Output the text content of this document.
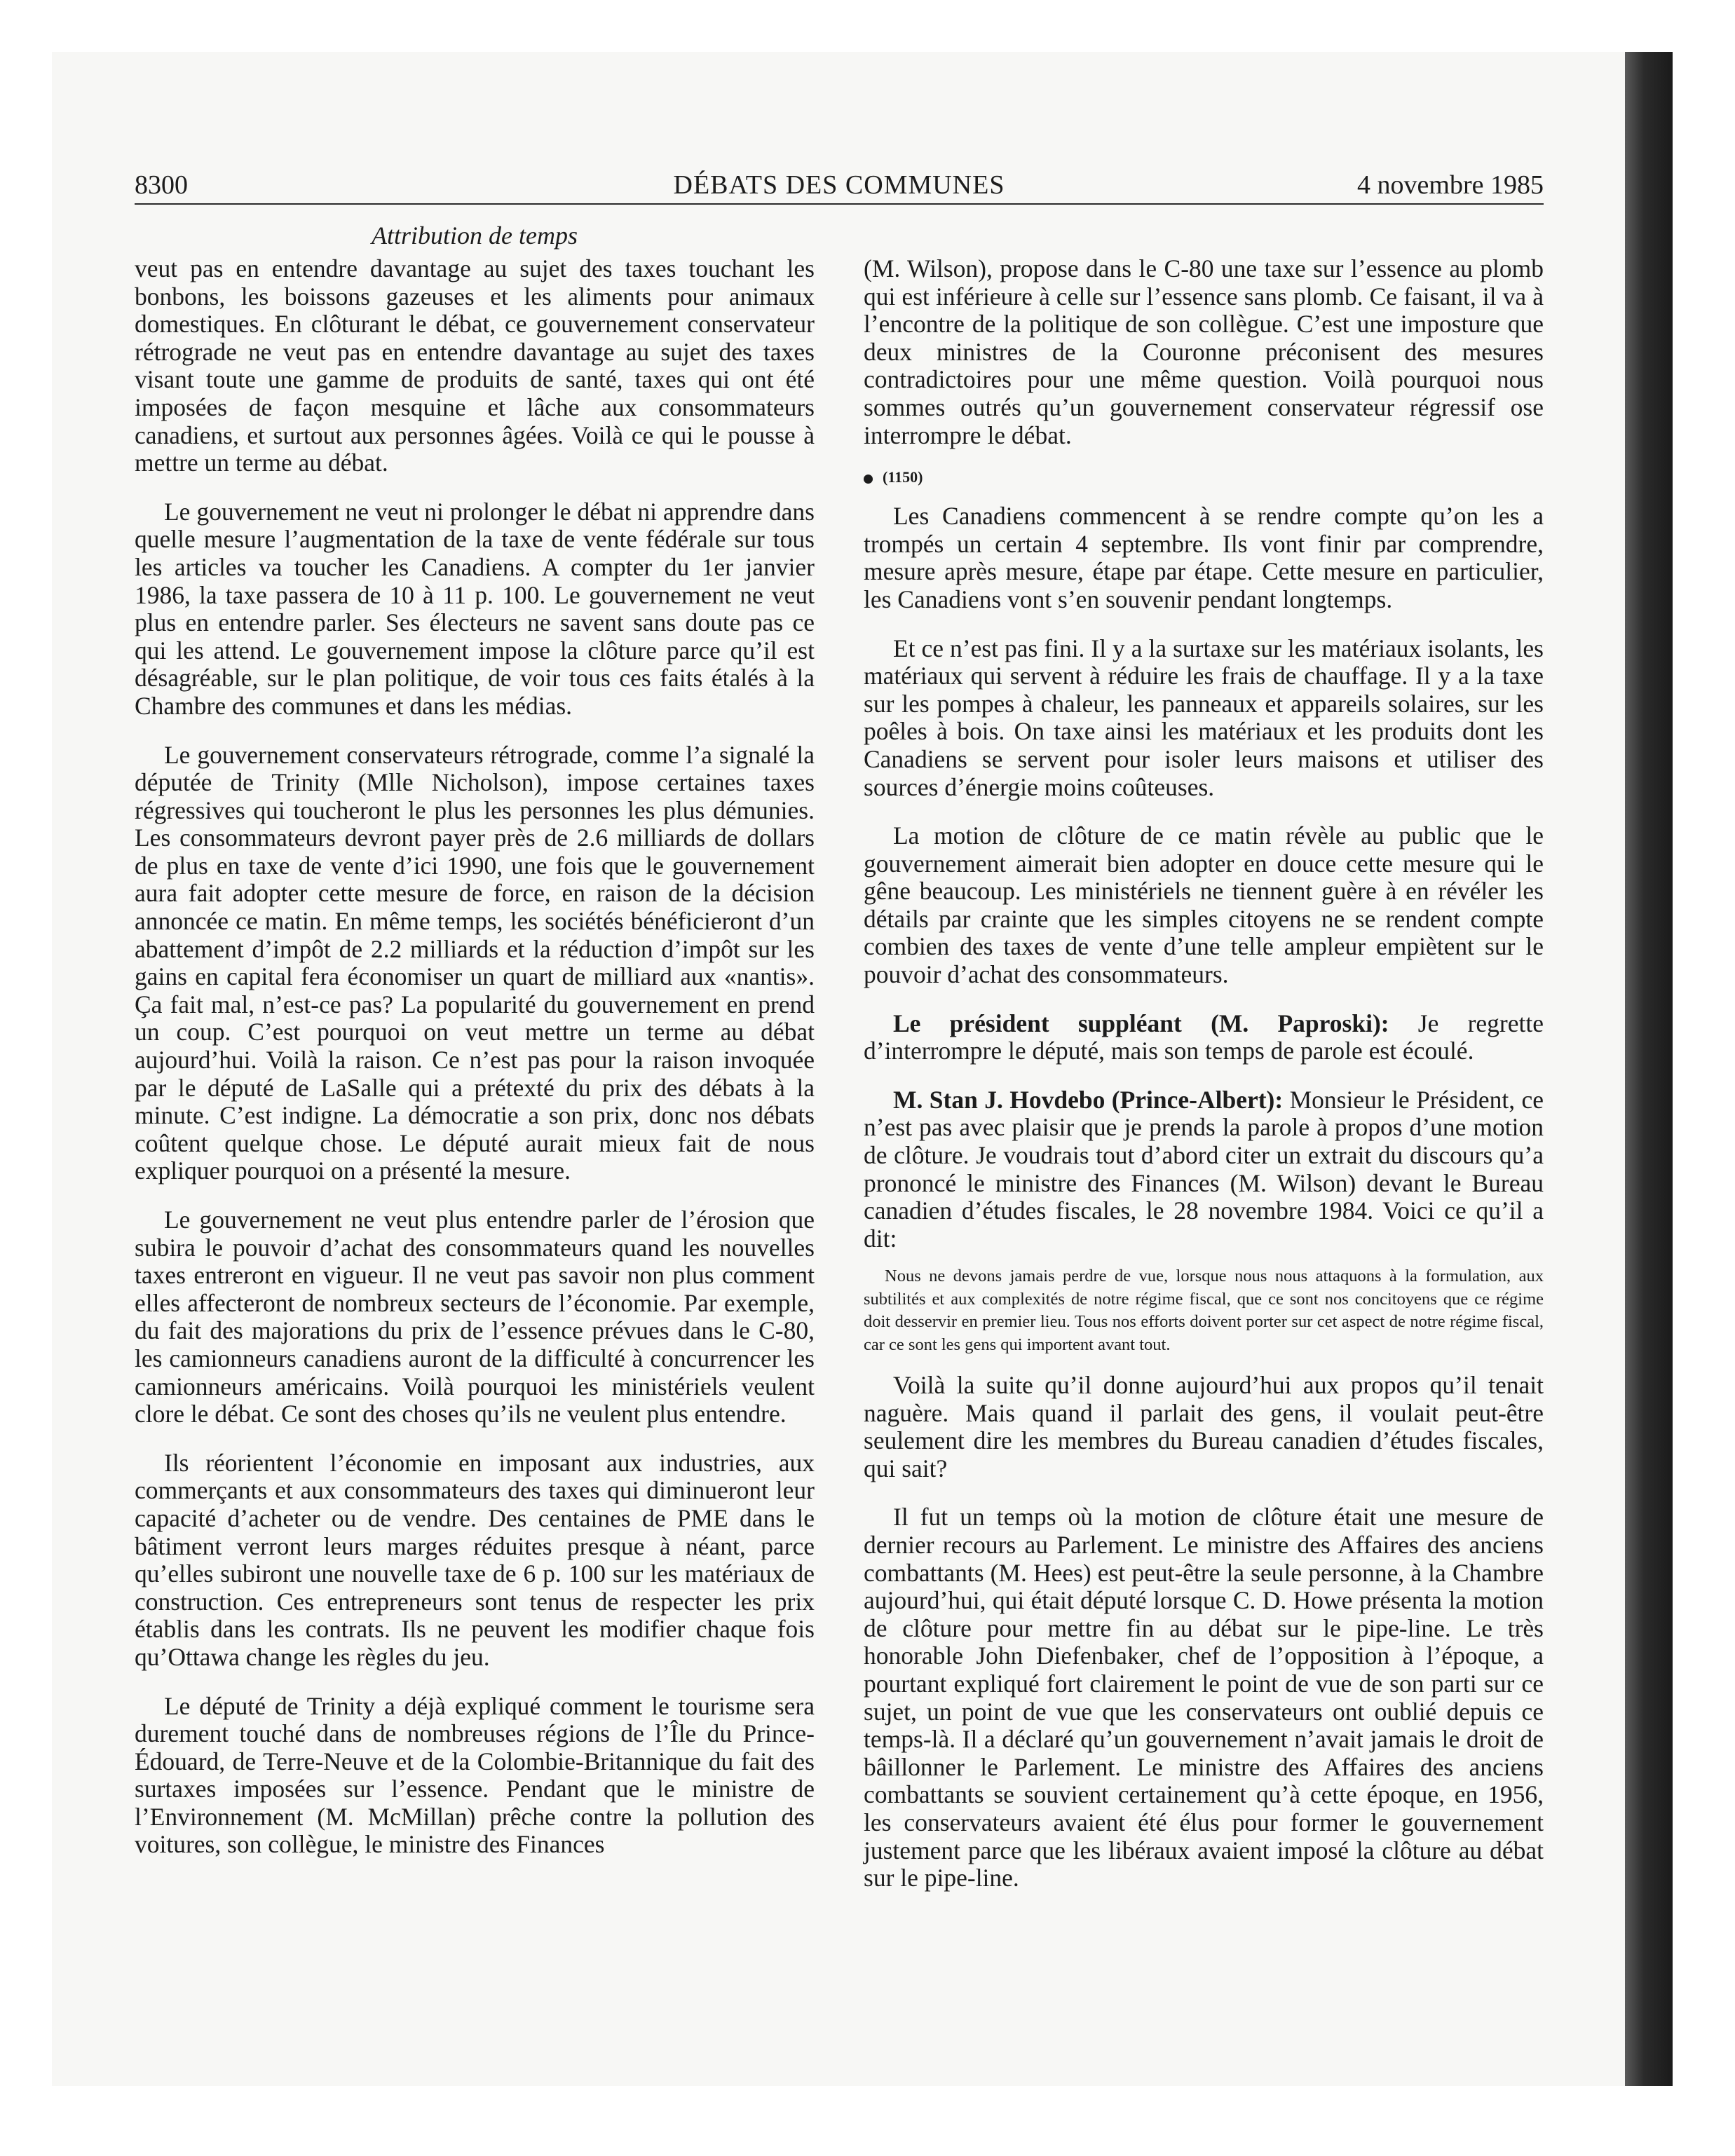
8300	DÉBATS DES COMMUNES	4 novembre 1985
Attribution de temps

veut pas en entendre davantage au sujet des taxes touchant les bonbons, les boissons gazeuses et les aliments pour animaux domestiques. En clôturant le débat, ce gouvernement conservateur rétrograde ne veut pas en entendre davantage au sujet des taxes visant toute une gamme de produits de santé, taxes qui ont été imposées de façon mesquine et lâche aux consommateurs canadiens, et surtout aux personnes âgées. Voilà ce qui le pousse à mettre un terme au débat.

Le gouvernement ne veut ni prolonger le débat ni apprendre dans quelle mesure l’augmentation de la taxe de vente fédérale sur tous les articles va toucher les Canadiens. A compter du 1er janvier 1986, la taxe passera de 10 à 11 p. 100. Le gouvernement ne veut plus en entendre parler. Ses électeurs ne savent sans doute pas ce qui les attend. Le gouvernement impose la clôture parce qu’il est désagréable, sur le plan politique, de voir tous ces faits étalés à la Chambre des communes et dans les médias.

Le gouvernement conservateurs rétrograde, comme l’a signalé la députée de Trinity (Mlle Nicholson), impose certaines taxes régressives qui toucheront le plus les personnes les plus démunies. Les consommateurs devront payer près de 2.6 milliards de dollars de plus en taxe de vente d’ici 1990, une fois que le gouvernement aura fait adopter cette mesure de force, en raison de la décision annoncée ce matin. En même temps, les sociétés bénéficieront d’un abattement d’impôt de 2.2 milliards et la réduction d’impôt sur les gains en capital fera économiser un quart de milliard aux «nantis». Ça fait mal, n’est-ce pas? La popularité du gouvernement en prend un coup. C’est pourquoi on veut mettre un terme au débat aujourd’hui. Voilà la raison. Ce n’est pas pour la raison invoquée par le député de LaSalle qui a prétexté du prix des débats à la minute. C’est indigne. La démocratie a son prix, donc nos débats coûtent quelque chose. Le député aurait mieux fait de nous expliquer pourquoi on a présenté la mesure.

Le gouvernement ne veut plus entendre parler de l’érosion que subira le pouvoir d’achat des consommateurs quand les nouvelles taxes entreront en vigueur. Il ne veut pas savoir non plus comment elles affecteront de nombreux secteurs de l’économie. Par exemple, du fait des majorations du prix de l’essence prévues dans le C-80, les camionneurs canadiens auront de la difficulté à concurrencer les camionneurs américains. Voilà pourquoi les ministériels veulent clore le débat. Ce sont des choses qu’ils ne veulent plus entendre.

Ils réorientent l’économie en imposant aux industries, aux commerçants et aux consommateurs des taxes qui diminueront leur capacité d’acheter ou de vendre. Des centaines de PME dans le bâtiment verront leurs marges réduites presque à néant, parce qu’elles subiront une nouvelle taxe de 6 p. 100 sur les matériaux de construction. Ces entrepreneurs sont tenus de respecter les prix établis dans les contrats. Ils ne peuvent les modifier chaque fois qu’Ottawa change les règles du jeu.

Le député de Trinity a déjà expliqué comment le tourisme sera durement touché dans de nombreuses régions de l’Île du Prince-Édouard, de Terre-Neuve et de la Colombie-Britannique du fait des surtaxes imposées sur l’essence. Pendant que le ministre de l’Environnement (M. McMillan) prêche contre la pollution des voitures, son collègue, le ministre des Finances

(M. Wilson), propose dans le C-80 une taxe sur l’essence au plomb qui est inférieure à celle sur l’essence sans plomb. Ce faisant, il va à l’encontre de la politique de son collègue. C’est une imposture que deux ministres de la Couronne préconisent des mesures contradictoires pour une même question. Voilà pourquoi nous sommes outrés qu’un gouvernement conservateur régressif ose interrompre le débat.

(1150)

Les Canadiens commencent à se rendre compte qu’on les a trompés un certain 4 septembre. Ils vont finir par comprendre, mesure après mesure, étape par étape. Cette mesure en particulier, les Canadiens vont s’en souvenir pendant longtemps.

Et ce n’est pas fini. Il y a la surtaxe sur les matériaux isolants, les matériaux qui servent à réduire les frais de chauffage. Il y a la taxe sur les pompes à chaleur, les panneaux et appareils solaires, sur les poêles à bois. On taxe ainsi les matériaux et les produits dont les Canadiens se servent pour isoler leurs maisons et utiliser des sources d’énergie moins coûteuses.

La motion de clôture de ce matin révèle au public que le gouvernement aimerait bien adopter en douce cette mesure qui le gêne beaucoup. Les ministériels ne tiennent guère à en révéler les détails par crainte que les simples citoyens ne se rendent compte combien des taxes de vente d’une telle ampleur empiètent sur le pouvoir d’achat des consommateurs.

Le président suppléant (M. Paproski): Je regrette d’interrompre le député, mais son temps de parole est écoulé.

M. Stan J. Hovdebo (Prince-Albert): Monsieur le Président, ce n’est pas avec plaisir que je prends la parole à propos d’une motion de clôture. Je voudrais tout d’abord citer un extrait du discours qu’a prononcé le ministre des Finances (M. Wilson) devant le Bureau canadien d’études fiscales, le 28 novembre 1984. Voici ce qu’il a dit:

Nous ne devons jamais perdre de vue, lorsque nous nous attaquons à la formulation, aux subtilités et aux complexités de notre régime fiscal, que ce sont nos concitoyens que ce régime doit desservir en premier lieu. Tous nos efforts doivent porter sur cet aspect de notre régime fiscal, car ce sont les gens qui importent avant tout.

Voilà la suite qu’il donne aujourd’hui aux propos qu’il tenait naguère. Mais quand il parlait des gens, il voulait peut-être seulement dire les membres du Bureau canadien d’études fiscales, qui sait?

Il fut un temps où la motion de clôture était une mesure de dernier recours au Parlement. Le ministre des Affaires des anciens combattants (M. Hees) est peut-être la seule personne, à la Chambre aujourd’hui, qui était député lorsque C. D. Howe présenta la motion de clôture pour mettre fin au débat sur le pipe-line. Le très honorable John Diefenbaker, chef de l’opposition à l’époque, a pourtant expliqué fort clairement le point de vue de son parti sur ce sujet, un point de vue que les conservateurs ont oublié depuis ce temps-là. Il a déclaré qu’un gouvernement n’avait jamais le droit de bâillonner le Parlement. Le ministre des Affaires des anciens combattants se souvient certainement qu’à cette époque, en 1956, les conservateurs avaient été élus pour former le gouvernement justement parce que les libéraux avaient imposé la clôture au débat sur le pipe-line.
